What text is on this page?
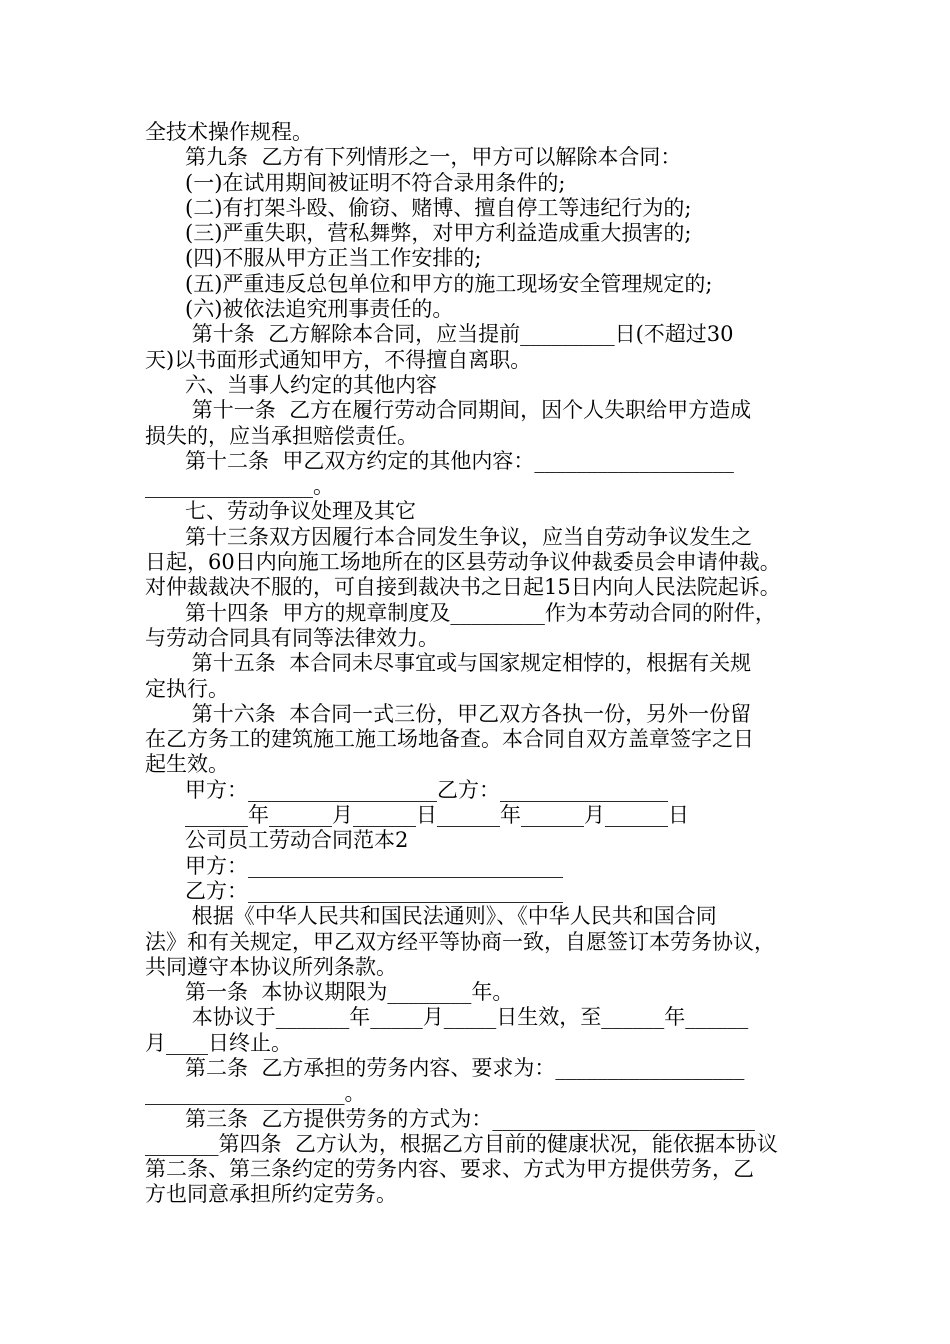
全技术操作规程。
第九条  乙方有下列情形之一，甲方可以解除本合同：
(一)在试用期间被证明不符合录用条件的;
(二)有打架斗殴、偷窃、赌博、擅自停工等违纪行为的;
(三)严重失职，营私舞弊，对甲方利益造成重大损害的;
(四)不服从甲方正当工作安排的;
(五)严重违反总包单位和甲方的施工现场安全管理规定的;
(六)被依法追究刑事责任的。
第十条  乙方解除本合同，应当提前_________日(不超过30
天)以书面形式通知甲方，不得擅自离职。
六、当事人约定的其他内容
第十一条  乙方在履行劳动合同期间，因个人失职给甲方造成
损失的，应当承担赔偿责任。
第十二条  甲乙双方约定的其他内容：___________________
________________。
七、劳动争议处理及其它
第十三条双方因履行本合同发生争议，应当自劳动争议发生之
日起，60日内向施工场地所在的区县劳动争议仲裁委员会申请仲裁。
对仲裁裁决不服的，可自接到裁决书之日起15日内向人民法院起诉。
第十四条  甲方的规章制度及_________作为本劳动合同的附件，
与劳动合同具有同等法律效力。
第十五条  本合同未尽事宜或与国家规定相悖的，根据有关规
定执行。
第十六条  本合同一式三份，甲乙双方各执一份，另外一份留
在乙方务工的建筑施工施工场地备查。本合同自双方盖章签字之日
起生效。
甲方：__________________乙方：________________
______年______月______日______年______月______日
公司员工劳动合同范本2
甲方：______________________________
乙方：______________________________
根据《中华人民共和国民法通则》、《中华人民共和国合同
法》和有关规定，甲乙双方经平等协商一致，自愿签订本劳务协议，
共同遵守本协议所列条款。
第一条  本协议期限为________年。
本协议于_______年_____月_____日生效，至______年______
月____日终止。
第二条  乙方承担的劳务内容、要求为：__________________
___________________。
第三条  乙方提供劳务的方式为：_________________________
_______第四条  乙方认为，根据乙方目前的健康状况，能依据本协议
第二条、第三条约定的劳务内容、要求、方式为甲方提供劳务，乙
方也同意承担所约定劳务。
